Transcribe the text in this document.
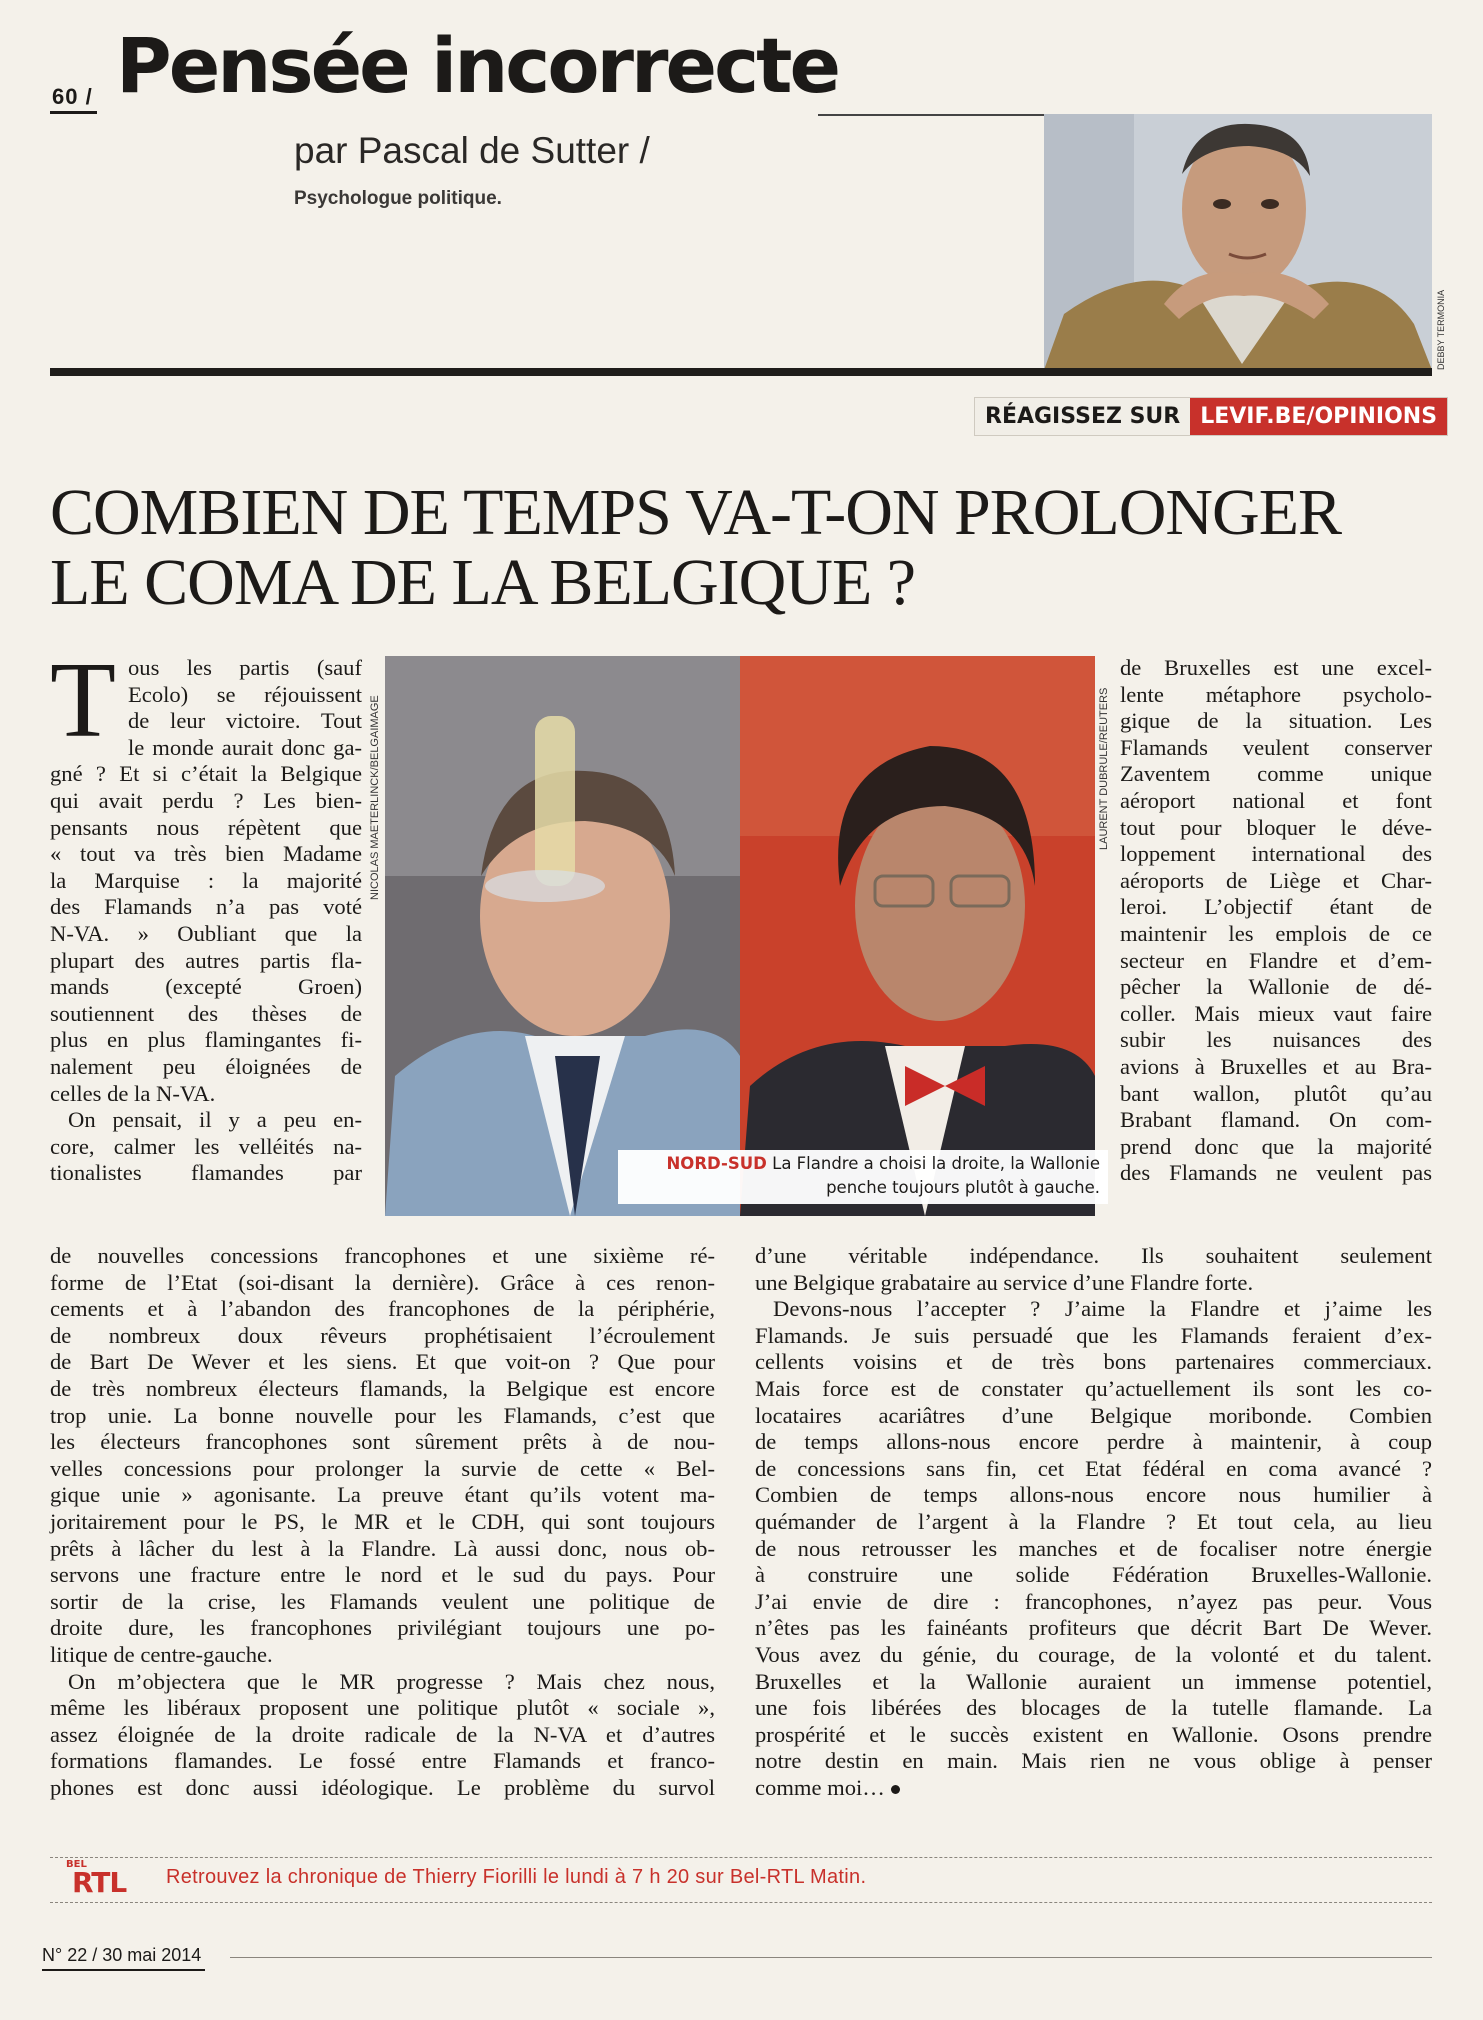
60 / Pensée incorrecte
par Pascal de Sutter /
Psychologue politique.
DEBBY TERMONIA
RÉAGISSEZ SUR LEVIF.BE/OPINIONS
COMBIEN DE TEMPS VA-T-ON PROLONGER
LE COMA DE LA BELGIQUE ?
T ous les partis (sauf
Ecolo) se réjouissent
de leur victoire. Tout
le monde aurait donc ga-
gné ? Et si c’était la Belgique
qui avait perdu ? Les bien-
pensants nous répètent que
« tout va très bien Madame
la Marquise : la majorité
des Flamands n’a pas voté
N-VA. » Oubliant que la
plupart des autres partis fla-
mands (excepté Groen)
soutiennent des thèses de
plus en plus flamingantes fi-
nalement peu éloignées de
celles de la N-VA.
On pensait, il y a peu en-
core, calmer les velléités na-
tionalistes flamandes par
de Bruxelles est une excel-
lente métaphore psycholo-
gique de la situation. Les
Flamands veulent conserver
Zaventem comme unique
aéroport national et font
tout pour bloquer le déve-
loppement international des
aéroports de Liège et Char-
leroi. L’objectif étant de
maintenir les emplois de ce
secteur en Flandre et d’em-
pêcher la Wallonie de dé-
coller. Mais mieux vaut faire
subir les nuisances des
avions à Bruxelles et au Bra-
bant wallon, plutôt qu’au
Brabant flamand. On com-
prend donc que la majorité
des Flamands ne veulent pas
de nouvelles concessions francophones et une sixième ré-
forme de l’Etat (soi-disant la dernière). Grâce à ces renon-
cements et à l’abandon des francophones de la périphérie,
de nombreux doux rêveurs prophétisaient l’écroulement
de Bart De Wever et les siens. Et que voit-on ? Que pour
de très nombreux électeurs flamands, la Belgique est encore
trop unie. La bonne nouvelle pour les Flamands, c’est que
les électeurs francophones sont sûrement prêts à de nou-
velles concessions pour prolonger la survie de cette « Bel-
gique unie » agonisante. La preuve étant qu’ils votent ma-
joritairement pour le PS, le MR et le CDH, qui sont toujours
prêts à lâcher du lest à la Flandre. Là aussi donc, nous ob-
servons une fracture entre le nord et le sud du pays. Pour
sortir de la crise, les Flamands veulent une politique de
droite dure, les francophones privilégiant toujours une po-
litique de centre-gauche.
On m’objectera que le MR progresse ? Mais chez nous,
même les libéraux proposent une politique plutôt « sociale »,
assez éloignée de la droite radicale de la N-VA et d’autres
formations flamandes. Le fossé entre Flamands et franco-
phones est donc aussi idéologique. Le problème du survol
d’une véritable indépendance. Ils souhaitent seulement
une Belgique grabataire au service d’une Flandre forte.
Devons-nous l’accepter ? J’aime la Flandre et j’aime les
Flamands. Je suis persuadé que les Flamands feraient d’ex-
cellents voisins et de très bons partenaires commerciaux.
Mais force est de constater qu’actuellement ils sont les co-
locataires acariâtres d’une Belgique moribonde. Combien
de temps allons-nous encore perdre à maintenir, à coup
de concessions sans fin, cet Etat fédéral en coma avancé ?
Combien de temps allons-nous encore nous humilier à
quémander de l’argent à la Flandre ? Et tout cela, au lieu
de nous retrousser les manches et de focaliser notre énergie
à construire une solide Fédération Bruxelles-Wallonie.
J’ai envie de dire : francophones, n’ayez pas peur. Vous
n’êtes pas les fainéants profiteurs que décrit Bart De Wever.
Vous avez du génie, du courage, de la volonté et du talent.
Bruxelles et la Wallonie auraient un immense potentiel,
une fois libérées des blocages de la tutelle flamande. La
prospérité et le succès existent en Wallonie. Osons prendre
notre destin en main. Mais rien ne vous oblige à penser
comme moi…
NICOLAS MAETERLINCK/BELGAIMAGE	LAURENT DUBRULE/REUTERS
NORD-SUD La Flandre a choisi la droite, la Wallonie
penche toujours plutôt à gauche.
BEL
RTL Retrouvez la chronique de Thierry Fiorilli le lundi à 7 h 20 sur Bel-RTL Matin.
N° 22 / 30 mai 2014
